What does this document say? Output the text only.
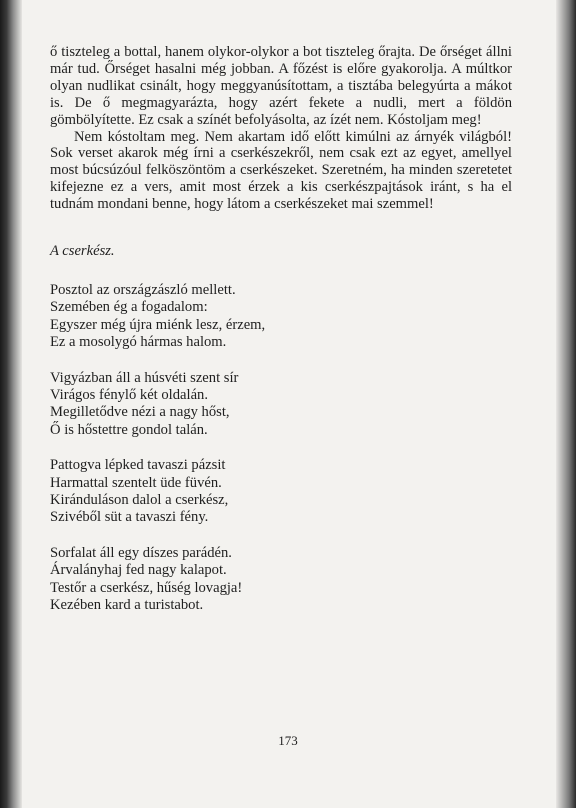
ő tiszteleg a bottal, hanem olykor-olykor a bot tiszteleg őrajta. De őrséget állni már tud. Őrséget hasalni még jobban. A főzést is előre gyakorolja. A múltkor olyan nudlikat csinált, hogy meggyanúsítottam, a tisztába belegyúrta a mákot is. De ő megmagyarázta, hogy azért fekete a nudli, mert a földön gömbölyítette. Ez csak a színét befolyásolta, az ízét nem. Kóstoljam meg!

Nem kóstoltam meg. Nem akartam idő előtt kimúlni az árnyék világból! Sok verset akarok még írni a cserkészekről, nem csak ezt az egyet, amellyel most búcsúzóul felköszöntöm a cserkészeket. Szeretném, ha minden szeretetet kifejezne ez a vers, amit most érzek a kis cserkészpajtások iránt, s ha el tudnám mondani benne, hogy látom a cserkészeket mai szemmel!

A cserkész.
Posztol az országzászló mellett.
Szemében ég a fogadalom:
Egyszer még újra miénk lesz, érzem,
Ez a mosolygó hármas halom.
Vigyázban áll a húsvéti szent sír
Virágos fénylő két oldalán.
Megilletődve nézi a nagy hőst,
Ő is hőstettre gondol talán.
Pattogva lépked tavaszi pázsit
Harmattal szentelt üde füvén.
Kiránduláson dalol a cserkész,
Szivéből süt a tavaszi fény.
Sorfalat áll egy díszes parádén.
Árvalányhaj fed nagy kalapot.
Testőr a cserkész, hűség lovagja!
Kezében kard a turistabot.
173
